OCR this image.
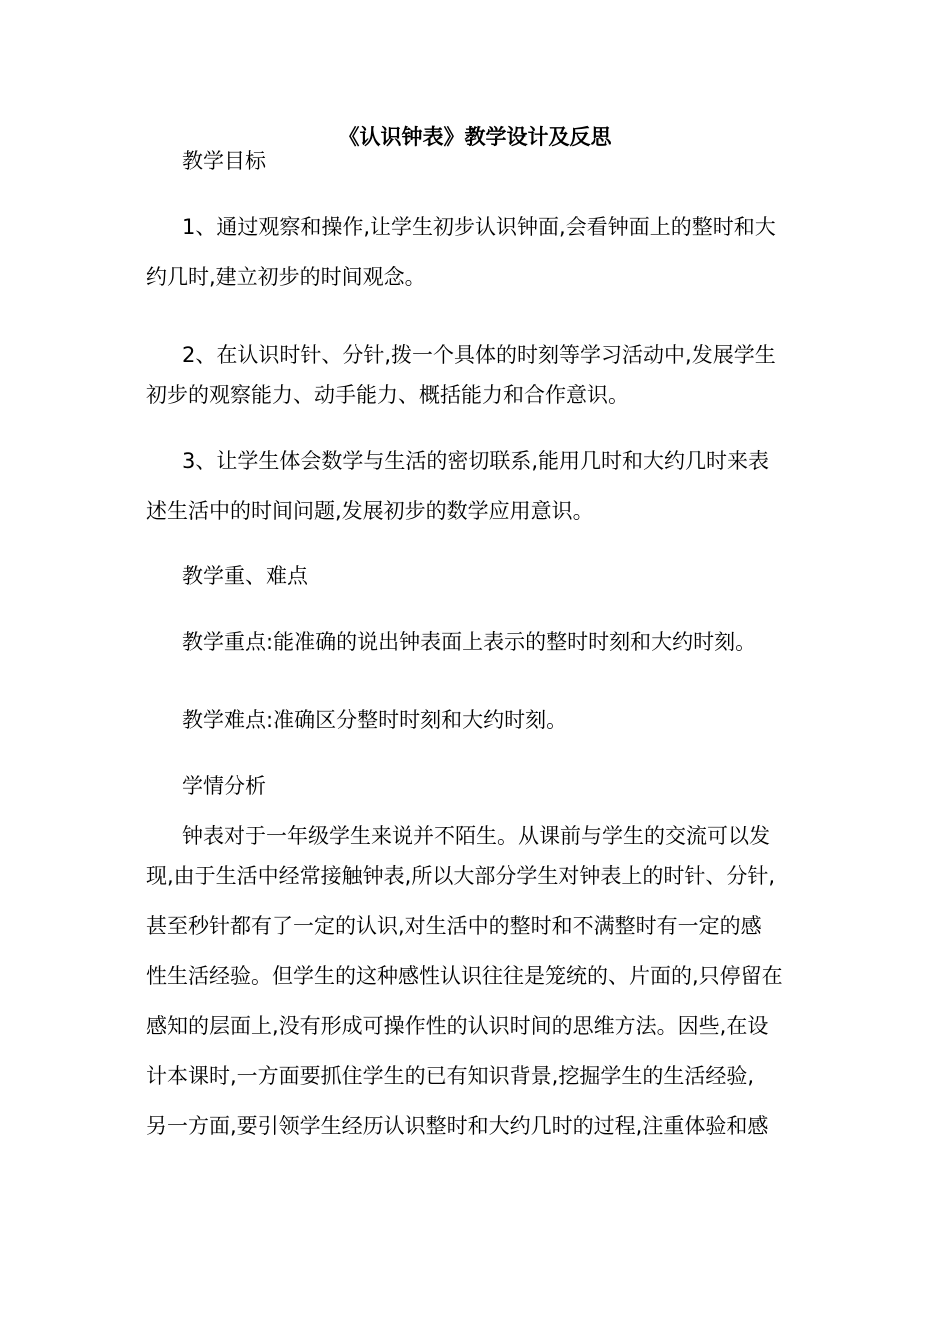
《认识钟表》教学设计及反思
教学目标
1、通过观察和操作,让学生初步认识钟面,会看钟面上的整时和大
约几时,建立初步的时间观念。
2、在认识时针、分针,拨一个具体的时刻等学习活动中,发展学生
初步的观察能力、动手能力、概括能力和合作意识。
3、让学生体会数学与生活的密切联系,能用几时和大约几时来表
述生活中的时间问题,发展初步的数学应用意识。
教学重、难点
教学重点:能准确的说出钟表面上表示的整时时刻和大约时刻。
教学难点:准确区分整时时刻和大约时刻。
学情分析
钟表对于一年级学生来说并不陌生。从课前与学生的交流可以发
现,由于生活中经常接触钟表,所以大部分学生对钟表上的时针、分针,
甚至秒针都有了一定的认识,对生活中的整时和不满整时有一定的感
性生活经验。但学生的这种感性认识往往是笼统的、片面的,只停留在
感知的层面上,没有形成可操作性的认识时间的思维方法。因些,在设
计本课时,一方面要抓住学生的已有知识背景,挖掘学生的生活经验,
另一方面,要引领学生经历认识整时和大约几时的过程,注重体验和感
